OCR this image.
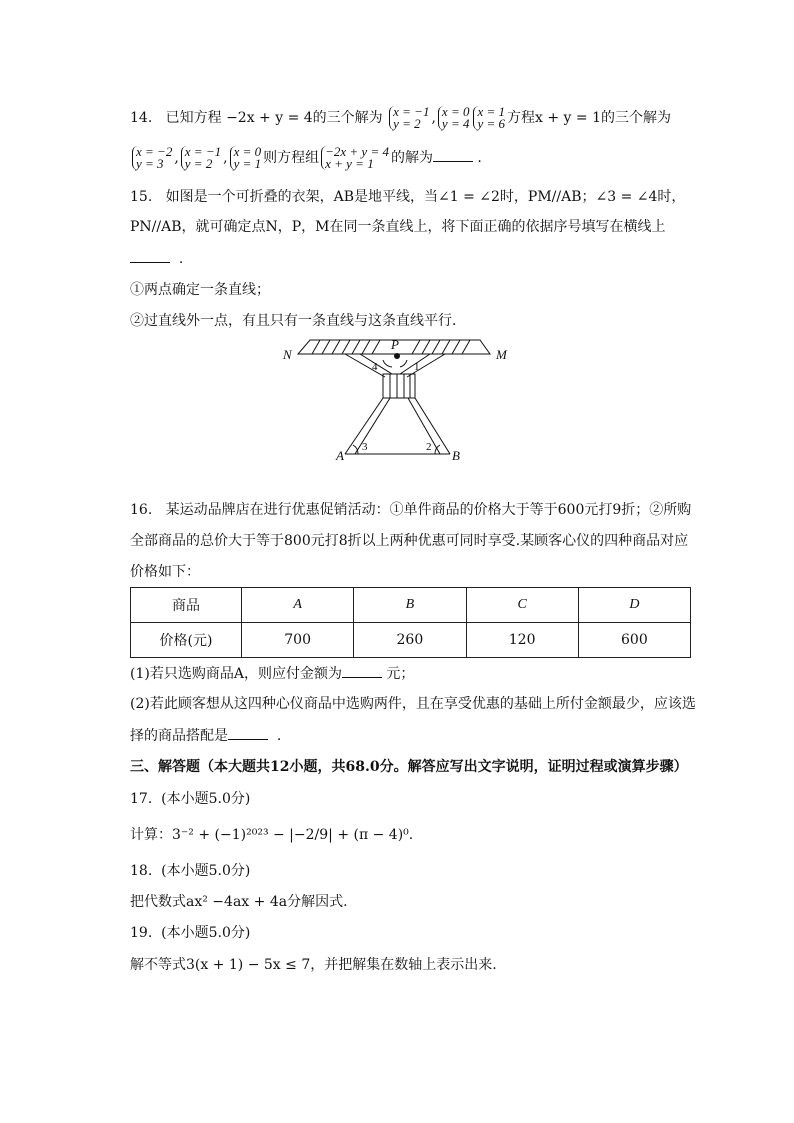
14. 已知方程 −2x + y = 4的三个解为 x = −1
y = 2 , x = 0
y = 4
x = 1
y = 6 方程x + y = 1的三个解为
x = −2
y = 3 , x = −1
y = 2 , x = 0
y = 1 则方程组 −2x + y = 4
x + y = 1	的解为	.
15. 如图是一个可折叠的衣架，AB是地平线，当∠1 = ∠2时，PM//AB；∠3 = ∠4时，
PN//AB，就可确定点N，P，M在同一条直线上，将下面正确的依据序号填写在横线上
.
①两点确定一条直线；
②过直线外一点，有且只有一条直线与这条直线平行．
N	M
P
A	B
4	1
3	2
16. 某运动品牌店在进行优惠促销活动：①单件商品的价格大于等于600元打9折；②所购
全部商品的总价大于等于800元打8折以上两种优惠可同时享受.某顾客心仪的四种商品对应
价格如下：
商品	A	B	C	D
价格(元)	700	260	120	600
(1)若只选购商品A，则应付金额为	元；
(2)若此顾客想从这四种心仪商品中选购两件，且在享受优惠的基础上所付金额最少，应该选
择的商品搭配是	.
三、解答题（本大题共12小题，共68.0分。解答应写出文字说明，证明过程或演算步骤）
17. (本小题5.0分)
计算：3⁻² + (−1)²⁰²³ − |−2/9| + (π − 4)⁰.
18. (本小题5.0分)
把代数式ax² −4ax + 4a分解因式.
19. (本小题5.0分)
解不等式3(x + 1) − 5x ≤ 7，并把解集在数轴上表示出来.
